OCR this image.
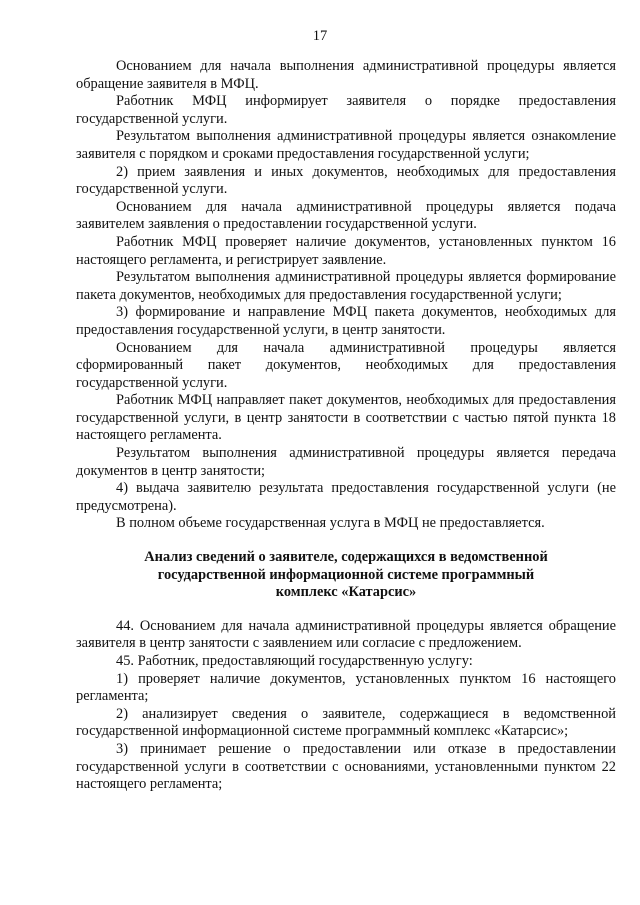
17

Основанием для начала выполнения административной процедуры является обращение заявителя в МФЦ.

Работник МФЦ информирует заявителя о порядке предоставления государственной услуги.

Результатом выполнения административной процедуры является ознакомление заявителя с порядком и сроками предоставления государственной услуги;

2) прием заявления и иных документов, необходимых для предоставления государственной услуги.

Основанием для начала административной процедуры является подача заявителем заявления о предоставлении государственной услуги.

Работник МФЦ проверяет наличие документов, установленных пунктом 16 настоящего регламента, и регистрирует заявление.

Результатом выполнения административной процедуры является формирование пакета документов, необходимых для предоставления государственной услуги;

3) формирование и направление МФЦ пакета документов, необходимых для предоставления государственной услуги, в центр занятости.

Основанием для начала административной процедуры является сформированный пакет документов, необходимых для предоставления государственной услуги.

Работник МФЦ направляет пакет документов, необходимых для предоставления государственной услуги, в центр занятости в соответствии с частью пятой пункта 18 настоящего регламента.

Результатом выполнения административной процедуры является передача документов в центр занятости;

4) выдача заявителю результата предоставления государственной услуги (не предусмотрена).

В полном объеме государственная услуга в МФЦ не предоставляется.

Анализ сведений о заявителе, содержащихся в ведомственной
государственной информационной системе программный
комплекс «Катарсис»

44. Основанием для начала административной процедуры является обращение заявителя в центр занятости с заявлением или согласие с предложением.

45. Работник, предоставляющий государственную услугу:

1) проверяет наличие документов, установленных пунктом 16 настоящего регламента;

2) анализирует сведения о заявителе, содержащиеся в ведомственной государственной информационной системе программный комплекс «Катарсис»;

3) принимает решение о предоставлении или отказе в предоставлении государственной услуги в соответствии с основаниями, установленными пунктом 22 настоящего регламента;
